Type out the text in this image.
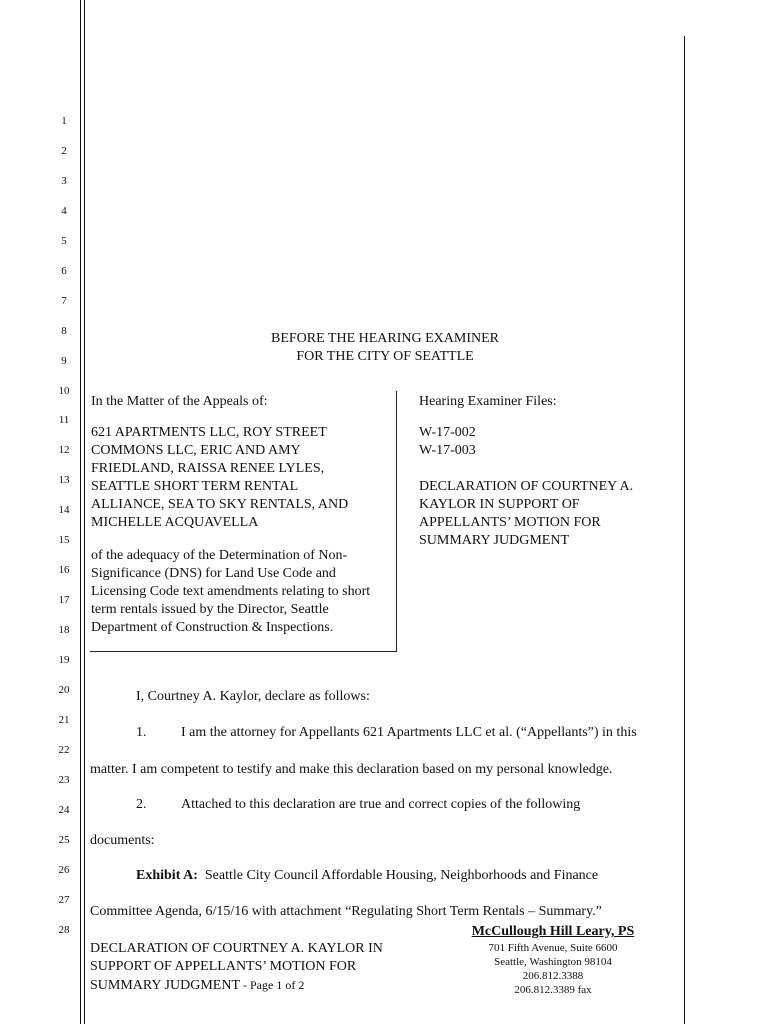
1
2
3
4
5
6
7
8
9
10
11
12
13
14
15
16
17
18
19
20
21
22
23
24
25
26
27
28
BEFORE THE HEARING EXAMINER
FOR THE CITY OF SEATTLE
In the Matter of the Appeals of:
621 APARTMENTS LLC, ROY STREET
COMMONS LLC, ERIC AND AMY
FRIEDLAND, RAISSA RENEE LYLES,
SEATTLE SHORT TERM RENTAL
ALLIANCE, SEA TO SKY RENTALS, AND
MICHELLE ACQUAVELLA
of the adequacy of the Determination of Non-
Significance (DNS) for Land Use Code and
Licensing Code text amendments relating to short
term rentals issued by the Director, Seattle
Department of Construction & Inspections.
Hearing Examiner Files:
W-17-002
W-17-003
DECLARATION OF COURTNEY A.
KAYLOR IN SUPPORT OF
APPELLANTS’ MOTION FOR
SUMMARY JUDGMENT
I, Courtney A. Kaylor, declare as follows:
1. I am the attorney for Appellants 621 Apartments LLC et al. (“Appellants”) in this
matter. I am competent to testify and make this declaration based on my personal knowledge.
2. Attached to this declaration are true and correct copies of the following
documents:
Exhibit A: Seattle City Council Affordable Housing, Neighborhoods and Finance
Committee Agenda, 6/15/16 with attachment “Regulating Short Term Rentals – Summary.”
DECLARATION OF COURTNEY A. KAYLOR IN
SUPPORT OF APPELLANTS’ MOTION FOR
SUMMARY JUDGMENT - Page 1 of 2
McCullough Hill Leary, PS
701 Fifth Avenue, Suite 6600
Seattle, Washington 98104
206.812.3388
206.812.3389 fax
